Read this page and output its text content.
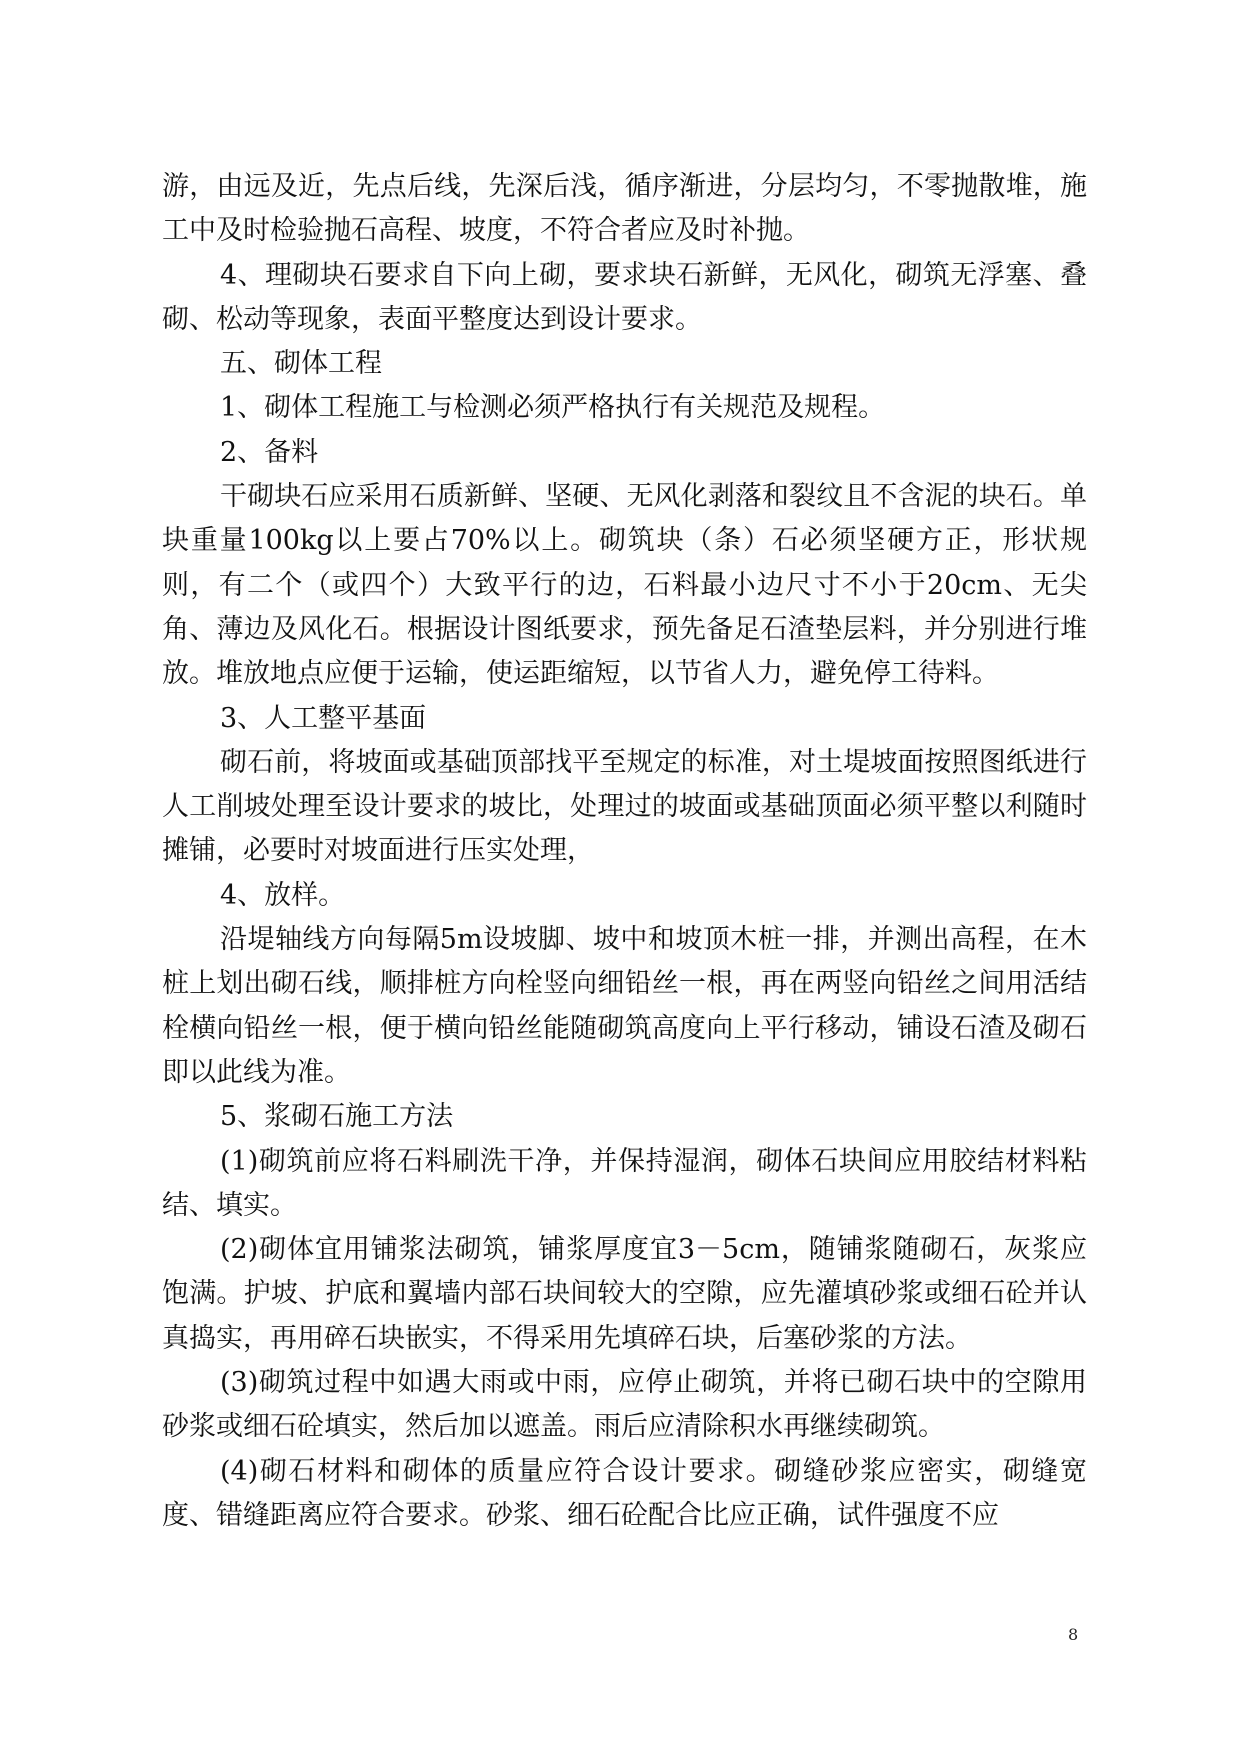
游，由远及近，先点后线，先深后浅，循序渐进，分层均匀，不零抛散堆，施工中及时检验抛石高程、坡度，不符合者应及时补抛。

4、理砌块石要求自下向上砌，要求块石新鲜，无风化，砌筑无浮塞、叠砌、松动等现象，表面平整度达到设计要求。

五、砌体工程

1、砌体工程施工与检测必须严格执行有关规范及规程。

2、备料

干砌块石应采用石质新鲜、坚硬、无风化剥落和裂纹且不含泥的块石。单块重量100kg以上要占70%以上。砌筑块（条）石必须坚硬方正，形状规则，有二个（或四个）大致平行的边，石料最小边尺寸不小于20cm、无尖角、薄边及风化石。根据设计图纸要求，预先备足石渣垫层料，并分别进行堆放。堆放地点应便于运输，使运距缩短，以节省人力，避免停工待料。

3、人工整平基面

砌石前，将坡面或基础顶部找平至规定的标准，对土堤坡面按照图纸进行人工削坡处理至设计要求的坡比，处理过的坡面或基础顶面必须平整以利随时摊铺，必要时对坡面进行压实处理，

4、放样。

沿堤轴线方向每隔5m设坡脚、坡中和坡顶木桩一排，并测出高程，在木桩上划出砌石线，顺排桩方向栓竖向细铅丝一根，再在两竖向铅丝之间用活结栓横向铅丝一根，便于横向铅丝能随砌筑高度向上平行移动，铺设石渣及砌石即以此线为准。

5、浆砌石施工方法

(1)砌筑前应将石料刷洗干净，并保持湿润，砌体石块间应用胶结材料粘结、填实。

(2)砌体宜用铺浆法砌筑，铺浆厚度宜3－5cm，随铺浆随砌石，灰浆应饱满。护坡、护底和翼墙内部石块间较大的空隙，应先灌填砂浆或细石砼并认真捣实，再用碎石块嵌实，不得采用先填碎石块，后塞砂浆的方法。

(3)砌筑过程中如遇大雨或中雨，应停止砌筑，并将已砌石块中的空隙用砂浆或细石砼填实，然后加以遮盖。雨后应清除积水再继续砌筑。

(4)砌石材料和砌体的质量应符合设计要求。砌缝砂浆应密实，砌缝宽度、错缝距离应符合要求。砂浆、细石砼配合比应正确，试件强度不应

8
